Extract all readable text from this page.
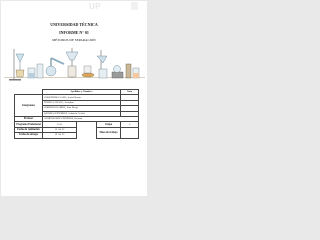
UP
UNIVERSIDAD TÉCNICA
INFORME N° 01
MÉTODOS DE SEPARACIÓN
	Apellidos y Nombres			Nota
Integrantes	CUQUIPOMA LAZO, Jesús Eleazar			
	TUDELA ARANA, Jerónimo			
	CORDOVA RAMOS, Juan Diego			
	QUISPE GUTIERREZ, Gabriela Cecilia			
Profesor	ALMENDARIZ CISNEROS, Roxana			
Programa Profesional	C-20		Grupo	A
Fecha de realización	12 04 22		Mesa de trabajo	
Fecha de entrega	19 04 22			
